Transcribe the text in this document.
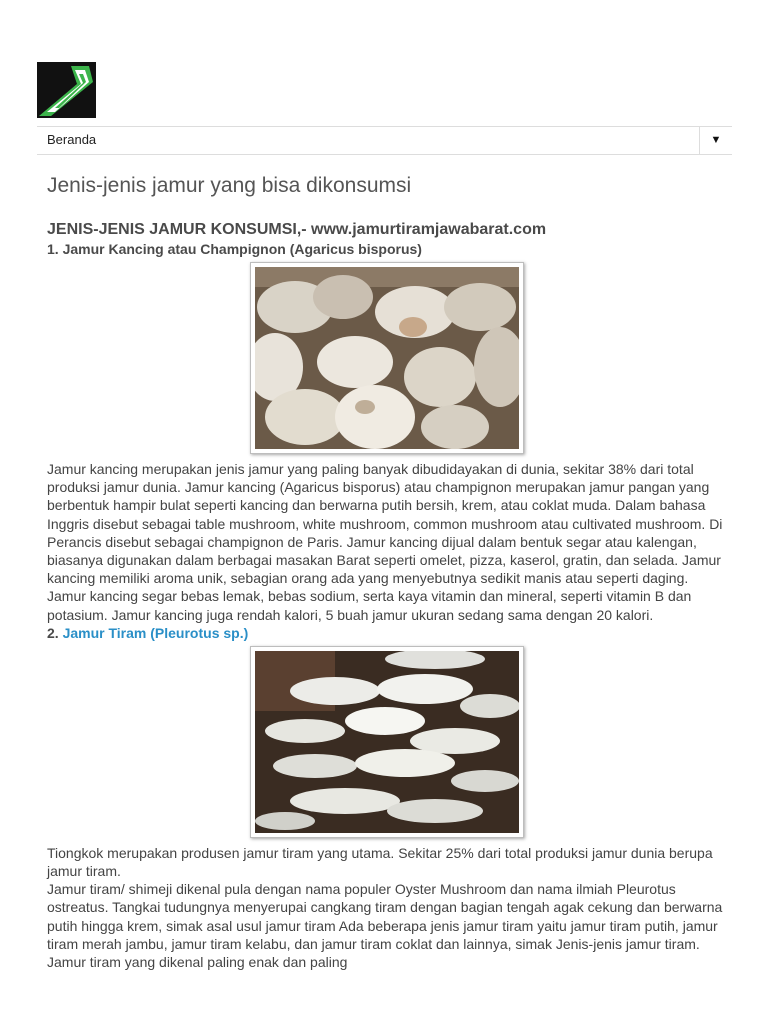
Beranda	▼
Jenis-jenis jamur yang bisa dikonsumsi
JENIS-JENIS JAMUR KONSUMSI,- www.jamurtiramjawabarat.com

1. Jamur Kancing atau Champignon (Agaricus bisporus)

Jamur kancing merupakan jenis jamur yang paling banyak dibudidayakan di dunia, sekitar 38% dari total produksi jamur dunia. Jamur kancing (Agaricus bisporus) atau champignon merupakan jamur pangan yang berbentuk hampir bulat seperti kancing dan berwarna putih bersih, krem, atau coklat muda. Dalam bahasa Inggris disebut sebagai table mushroom, white mushroom, common mushroom atau cultivated mushroom. Di Perancis disebut sebagai champignon de Paris. Jamur kancing dijual dalam bentuk segar atau kalengan, biasanya digunakan dalam berbagai masakan Barat seperti omelet, pizza, kaserol, gratin, dan selada. Jamur kancing memiliki aroma unik, sebagian orang ada yang menyebutnya sedikit manis atau seperti daging. Jamur kancing segar bebas lemak, bebas sodium, serta kaya vitamin dan mineral, seperti vitamin B dan potasium. Jamur kancing juga rendah kalori, 5 buah jamur ukuran sedang sama dengan 20 kalori.

2. Jamur Tiram (Pleurotus sp.)

Tiongkok merupakan produsen jamur tiram yang utama. Sekitar 25% dari total produksi jamur dunia berupa jamur tiram.

Jamur tiram/ shimeji dikenal pula dengan nama populer Oyster Mushroom dan nama ilmiah Pleurotus ostreatus. Tangkai tudungnya menyerupai cangkang tiram dengan bagian tengah agak cekung dan berwarna putih hingga krem, simak asal usul jamur tiram Ada beberapa jenis jamur tiram yaitu jamur tiram putih, jamur tiram merah jambu, jamur tiram kelabu, dan jamur tiram coklat dan lainnya, simak Jenis-jenis jamur tiram. Jamur tiram yang dikenal paling enak dan paling
